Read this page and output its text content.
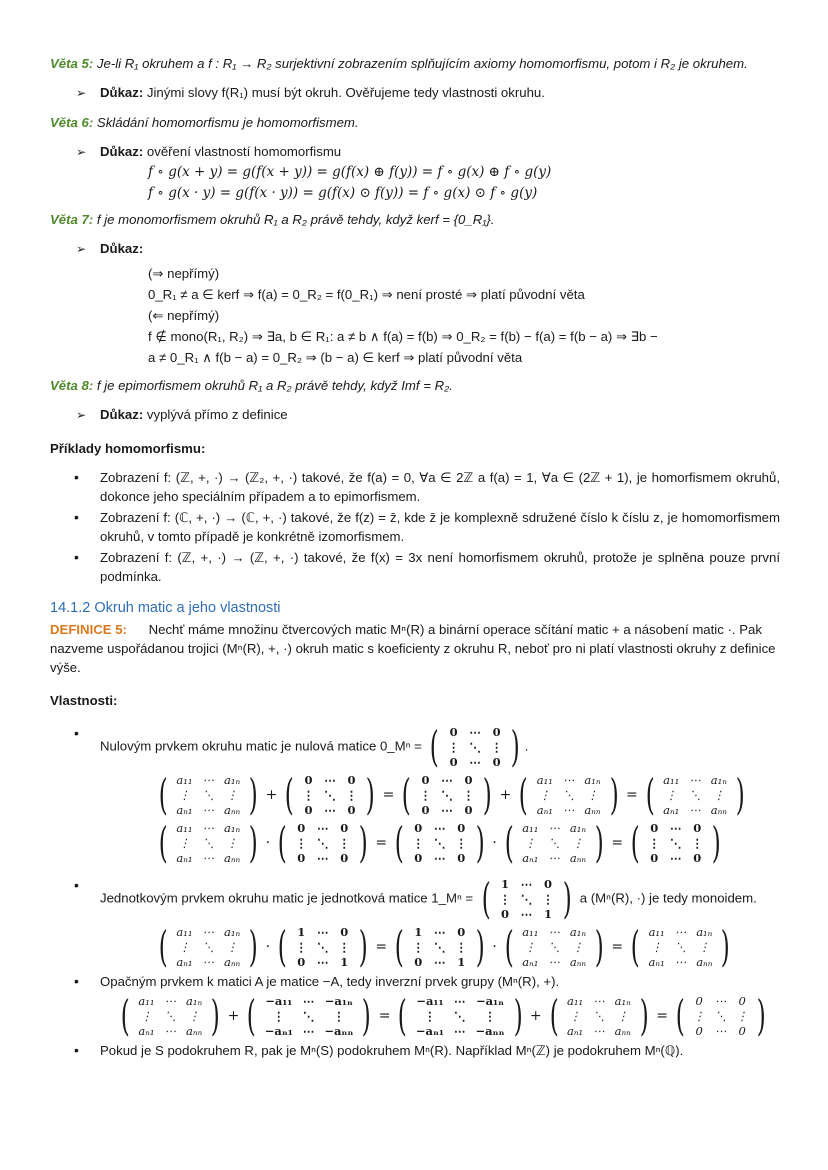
Věta 5: Je-li R₁ okruhem a f : R₁ → R₂ surjektivní zobrazením splňujícím axiomy homomorfismu, potom i R₂ je okruhem.
➢	Důkaz: Jinými slovy f(R₁) musí být okruh. Ověřujeme tedy vlastnosti okruhu.
Věta 6: Skládání homomorfismu je homomorfismem.
➢	Důkaz: ověření vlastností homomorfismu
f ∘ g(x + y) = g(f(x + y)) = g(f(x) ⊕ f(y)) = f ∘ g(x) ⊕ f ∘ g(y)
f ∘ g(x · y) = g(f(x · y)) = g(f(x) ⊙ f(y)) = f ∘ g(x) ⊙ f ∘ g(y)
Věta 7: f je monomorfismem okruhů R₁ a R₂ právě tehdy, když kerf = {0_R₁}.
➢	Důkaz:
(⇒ nepřímý)
0_R₁ ≠ a ∈ kerf ⇒ f(a) = 0_R₂ = f(0_R₁) ⇒ není prosté ⇒ platí původní věta
(⇐ nepřímý)
f ∉ mono(R₁, R₂) ⇒ ∃a, b ∈ R₁: a ≠ b ∧ f(a) = f(b) ⇒ 0_R₂ = f(b) − f(a) = f(b − a) ⇒ ∃b −
a ≠ 0_R₁ ∧ f(b − a) = 0_R₂ ⇒ (b − a) ∈ kerf ⇒ platí původní věta
Věta 8: f je epimorfismem okruhů R₁ a R₂ právě tehdy, když Imf = R₂.
➢	Důkaz: vyplývá přímo z definice
Příklady homomorfismu:
• Zobrazení f: (ℤ, +, ·) → (ℤ₂, +, ·) takové, že f(a) = 0, ∀a ∈ 2ℤ a f(a) = 1, ∀a ∈ (2ℤ + 1), je homorfismem okruhů, dokonce jeho speciálním případem a to epimorfismem.
• Zobrazení f: (ℂ, +, ·) → (ℂ, +, ·) takové, že f(z) = z̄, kde z̄ je komplexně sdružené číslo k číslu z, je homomorfismem okruhů, v tomto případě je konkrétně izomorfismem.
• Zobrazení f: (ℤ, +, ·) → (ℤ, +, ·) takové, že f(x) = 3x není homorfismem okruhů, protože je splněna pouze první podmínka.
14.1.2 Okruh matic a jeho vlastnosti
DEFINICE 5: Nechť máme množinu čtvercových matic Mⁿ(R) a binární operace sčítání matic + a násobení matic ·. Pak nazveme uspořádanou trojici (Mⁿ(R), +, ·) okruh matic s koeficienty z okruhu R, neboť pro ni platí vlastnosti okruhy z definice výše.
Vlastnosti:
• Nulovým prvkem okruhu matic je nulová matice 0_Mⁿ = ( 0	⋯	0
⋮	⋱	⋮
0	⋯	0 ) .
( a₁₁	⋯	a₁ₙ
⋮	⋱	⋮
aₙ₁	⋯	aₙₙ ) + ( 0	⋯	0
⋮	⋱	⋮
0	⋯	0 ) = ( 0	⋯	0
⋮	⋱	⋮
0	⋯	0 ) + ( a₁₁	⋯	a₁ₙ
⋮	⋱	⋮
aₙ₁	⋯	aₙₙ ) = ( a₁₁	⋯	a₁ₙ
⋮	⋱	⋮
aₙ₁	⋯	aₙₙ )
( a₁₁	⋯	a₁ₙ
⋮	⋱	⋮
aₙ₁	⋯	aₙₙ ) · ( 0	⋯	0
⋮	⋱	⋮
0	⋯	0 ) = ( 0	⋯	0
⋮	⋱	⋮
0	⋯	0 ) · ( a₁₁	⋯	a₁ₙ
⋮	⋱	⋮
aₙ₁	⋯	aₙₙ ) = ( 0	⋯	0
⋮	⋱	⋮
0	⋯	0 )
• Jednotkovým prvkem okruhu matic je jednotková matice 1_Mⁿ = ( 1	⋯	0
⋮	⋱	⋮
0	⋯	1 ) a (Mⁿ(R), ·) je tedy monoidem.
( a₁₁	⋯	a₁ₙ
⋮	⋱	⋮
aₙ₁	⋯	aₙₙ ) · ( 1	⋯	0
⋮	⋱	⋮
0	⋯	1 ) = ( 1	⋯	0
⋮	⋱	⋮
0	⋯	1 ) · ( a₁₁	⋯	a₁ₙ
⋮	⋱	⋮
aₙ₁	⋯	aₙₙ ) = ( a₁₁	⋯	a₁ₙ
⋮	⋱	⋮
aₙ₁	⋯	aₙₙ )
• Opačným prvkem k matici A je matice −A, tedy inverzní prvek grupy (Mⁿ(R), +).
( a₁₁	⋯	a₁ₙ
⋮	⋱	⋮
aₙ₁	⋯	aₙₙ ) + ( −a₁₁	⋯	−a₁ₙ
⋮	⋱	⋮
−aₙ₁	⋯	−aₙₙ ) = ( −a₁₁	⋯	−a₁ₙ
⋮	⋱	⋮
−aₙ₁	⋯	−aₙₙ ) + ( a₁₁	⋯	a₁ₙ
⋮	⋱	⋮
aₙ₁	⋯	aₙₙ ) = ( 0	⋯	0
⋮	⋱	⋮
0	⋯	0 )
• Pokud je S podokruhem R, pak je Mⁿ(S) podokruhem Mⁿ(R). Například Mⁿ(ℤ) je podokruhem Mⁿ(ℚ).
